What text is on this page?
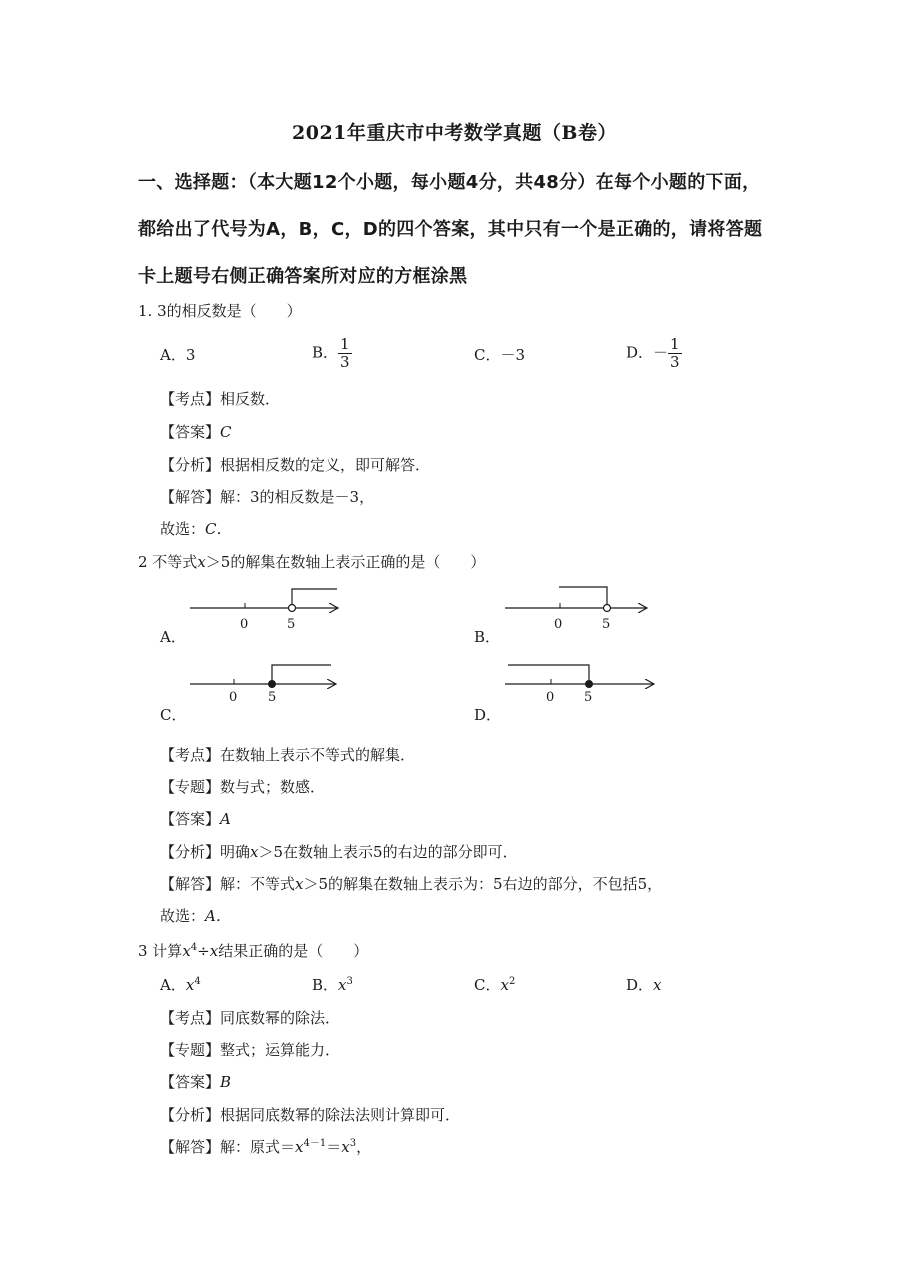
2021年重庆市中考数学真题（B卷）
一、选择题：（本大题12个小题，每小题4分，共48分）在每个小题的下面，
都给出了代号为A，B，C，D的四个答案，其中只有一个是正确的，请将答题
卡上题号右侧正确答案所对应的方框涂黑
1. 3的相反数是（　　）
A．3	B． $\frac{1}{3}$	C．－3	D．－ $\frac{1}{3}$
【考点】相反数．
【答案】C
【分析】根据相反数的定义，即可解答．
【解答】解：3的相反数是－3，
故选：C．
2 不等式x＞5的解集在数轴上表示正确的是（　　）
A．	B．
C．	D．
0	5	0	5
0 5	0 5
【考点】在数轴上表示不等式的解集．
【专题】数与式；数感．
【答案】A
【分析】明确x＞5在数轴上表示5的右边的部分即可．
【解答】解：不等式x＞5的解集在数轴上表示为：5右边的部分，不包括5，
故选：A．
3 计算$x^4\div x$结果正确的是（　　）
A．$x^4$	B．$x^3$	C．$x^2$	D．x
【考点】同底数幂的除法．
【专题】整式；运算能力．
【答案】B
【分析】根据同底数幂的除法法则计算即可．
【解答】解：原式$=x^{4-1}=x^3$，
